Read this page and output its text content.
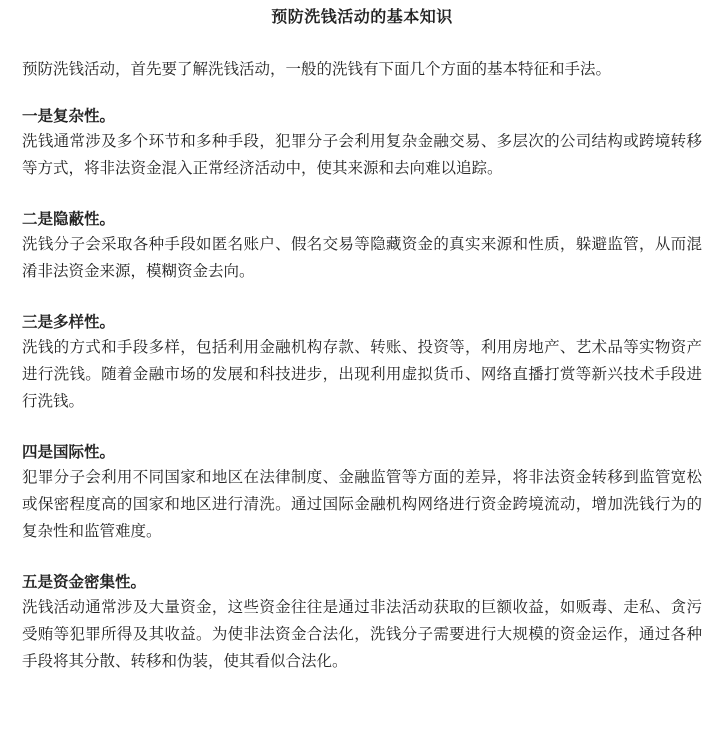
预防洗钱活动的基本知识

预防洗钱活动，首先要了解洗钱活动，一般的洗钱有下面几个方面的基本特征和手法。

一是复杂性。

洗钱通常涉及多个环节和多种手段，犯罪分子会利用复杂金融交易、多层次的公司结构或跨境转移等方式，将非法资金混入正常经济活动中，使其来源和去向难以追踪。

二是隐蔽性。

洗钱分子会采取各种手段如匿名账户、假名交易等隐藏资金的真实来源和性质，躲避监管，从而混淆非法资金来源，模糊资金去向。

三是多样性。

洗钱的方式和手段多样，包括利用金融机构存款、转账、投资等，利用房地产、艺术品等实物资产进行洗钱。随着金融市场的发展和科技进步，出现利用虚拟货币、网络直播打赏等新兴技术手段进行洗钱。

四是国际性。

犯罪分子会利用不同国家和地区在法律制度、金融监管等方面的差异，将非法资金转移到监管宽松或保密程度高的国家和地区进行清洗。通过国际金融机构网络进行资金跨境流动，增加洗钱行为的复杂性和监管难度。

五是资金密集性。

洗钱活动通常涉及大量资金，这些资金往往是通过非法活动获取的巨额收益，如贩毒、走私、贪污受贿等犯罪所得及其收益。为使非法资金合法化，洗钱分子需要进行大规模的资金运作，通过各种手段将其分散、转移和伪装，使其看似合法化。
